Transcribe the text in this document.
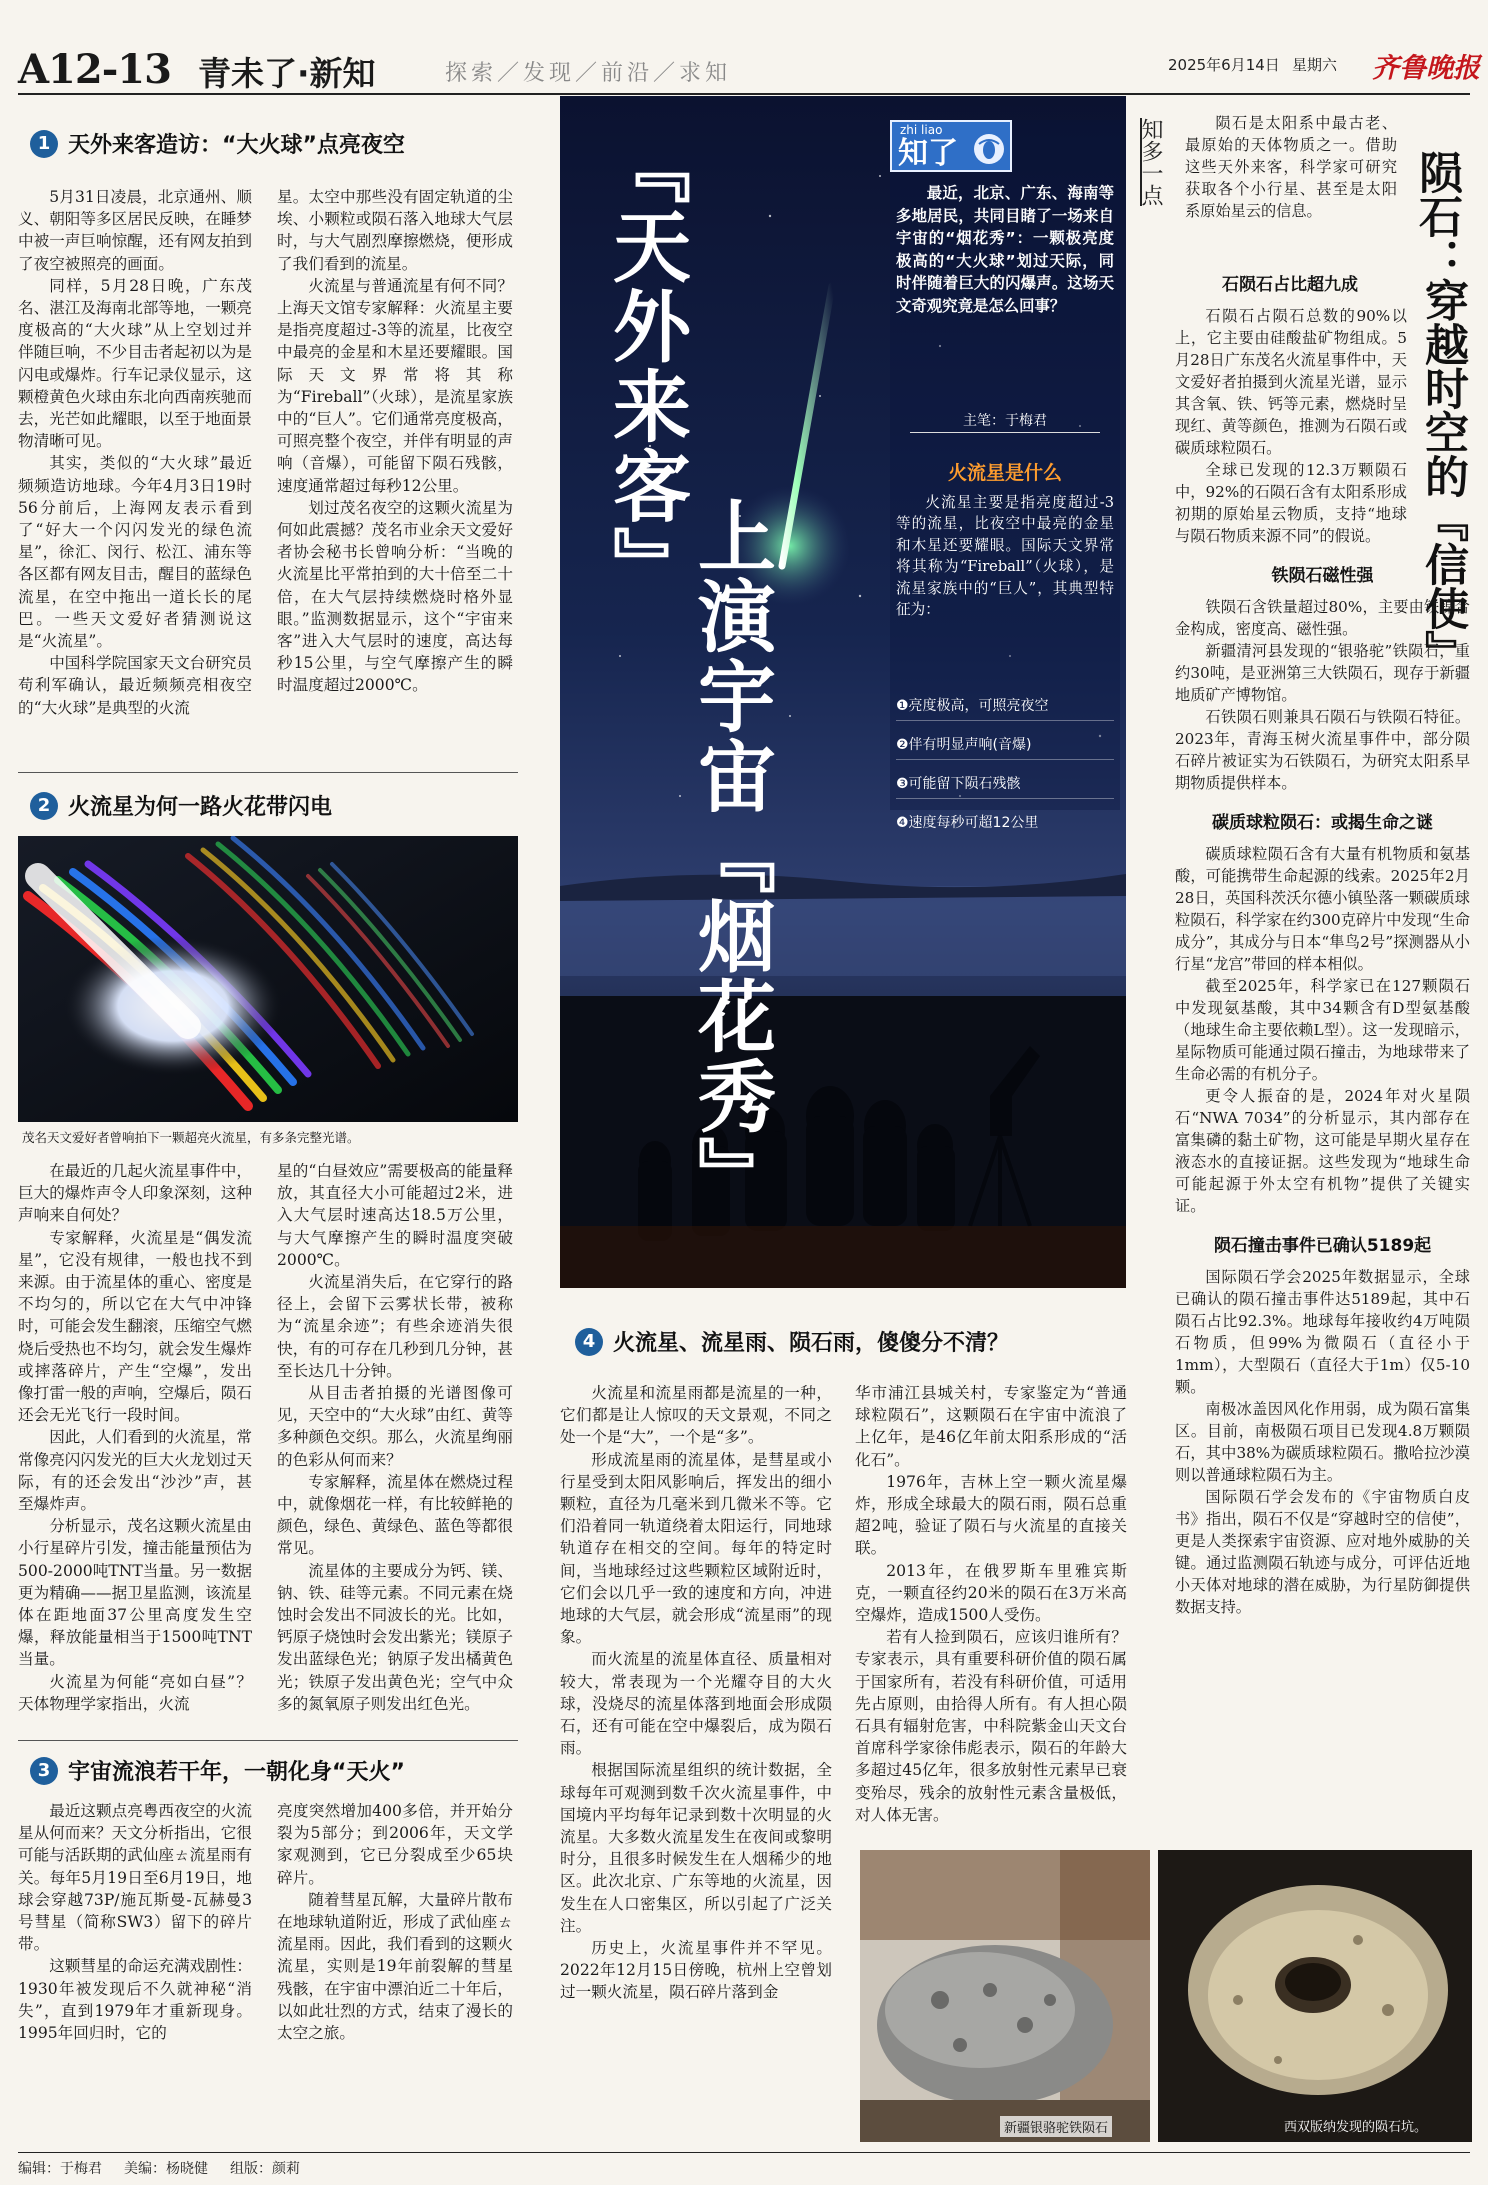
A12-13 青未了·新知	探索／发现／前沿／求知	2025年6月14日 星期六 齐鲁晚报
1 天外来客造访：“大火球”点亮夜空

5月31日凌晨，北京通州、顺义、朝阳等多区居民反映，在睡梦中被一声巨响惊醒，还有网友拍到了夜空被照亮的画面。

同样，5月28日晚，广东茂名、湛江及海南北部等地，一颗亮度极高的“大火球”从上空划过并伴随巨响，不少目击者起初以为是闪电或爆炸。行车记录仪显示，这颗橙黄色火球由东北向西南疾驰而去，光芒如此耀眼，以至于地面景物清晰可见。

其实，类似的“大火球”最近频频造访地球。今年4月3日19时56分前后，上海网友表示看到了“好大一个闪闪发光的绿色流星”，徐汇、闵行、松江、浦东等各区都有网友目击，醒目的蓝绿色流星，在空中拖出一道长长的尾巴。一些天文爱好者猜测说这是“火流星”。

中国科学院国家天文台研究员苟利军确认，最近频频亮相夜空的“大火球”是典型的火流

星。太空中那些没有固定轨道的尘埃、小颗粒或陨石落入地球大气层时，与大气剧烈摩擦燃烧，便形成了我们看到的流星。

火流星与普通流星有何不同？上海天文馆专家解释：火流星主要是指亮度超过-3等的流星，比夜空中最亮的金星和木星还要耀眼。国际天文界常将其称为“Fireball”（火球），是流星家族中的“巨人”。它们通常亮度极高，可照亮整个夜空，并伴有明显的声响（音爆），可能留下陨石残骸，速度通常超过每秒12公里。

划过茂名夜空的这颗火流星为何如此震撼？茂名市业余天文爱好者协会秘书长曾响分析：“当晚的火流星比平常拍到的大十倍至二十倍，在大气层持续燃烧时格外显眼。”监测数据显示，这个“宇宙来客”进入大气层时的速度，高达每秒15公里，与空气摩擦产生的瞬时温度超过2000℃。

2 火流星为何一路火花带闪电
茂名天文爱好者曾响拍下一颗超亮火流星，有多条完整光谱。

在最近的几起火流星事件中，巨大的爆炸声令人印象深刻，这种声响来自何处？

专家解释，火流星是“偶发流星”，它没有规律，一般也找不到来源。由于流星体的重心、密度是不均匀的，所以它在大气中冲锋时，可能会发生翻滚，压缩空气燃烧后受热也不均匀，就会发生爆炸或摔落碎片，产生“空爆”，发出像打雷一般的声响，空爆后，陨石还会无光飞行一段时间。

因此，人们看到的火流星，常常像亮闪闪发光的巨大火龙划过天际，有的还会发出“沙沙”声，甚至爆炸声。

分析显示，茂名这颗火流星由小行星碎片引发，撞击能量预估为500-2000吨TNT当量。另一数据更为精确——据卫星监测，该流星体在距地面37公里高度发生空爆，释放能量相当于1500吨TNT当量。

火流星为何能“亮如白昼”？天体物理学家指出，火流

星的“白昼效应”需要极高的能量释放，其直径大小可能超过2米，进入大气层时速高达18.5万公里，与大气摩擦产生的瞬时温度突破2000℃。

火流星消失后，在它穿行的路径上，会留下云雾状长带，被称为“流星余迹”；有些余迹消失很快，有的可存在几秒到几分钟，甚至长达几十分钟。

从目击者拍摄的光谱图像可见，天空中的“大火球”由红、黄等多种颜色交织。那么，火流星绚丽的色彩从何而来？

专家解释，流星体在燃烧过程中，就像烟花一样，有比较鲜艳的颜色，绿色、黄绿色、蓝色等都很常见。

流星体的主要成分为钙、镁、钠、铁、硅等元素。不同元素在烧蚀时会发出不同波长的光。比如，钙原子烧蚀时会发出紫光；镁原子发出蓝绿色光；钠原子发出橘黄色光；铁原子发出黄色光；空气中众多的氮氧原子则发出红色光。

3 宇宙流浪若干年，一朝化身“天火”

最近这颗点亮粤西夜空的火流星从何而来？天文分析指出，它很可能与活跃期的武仙座ㄊ流星雨有关。每年5月19日至6月19日，地球会穿越73P/施瓦斯曼-瓦赫曼3号彗星（简称SW3）留下的碎片带。

这颗彗星的命运充满戏剧性：1930年被发现后不久就神秘“消失”，直到1979年才重新现身。1995年回归时，它的

亮度突然增加400多倍，并开始分裂为5部分；到2006年，天文学家观测到，它已分裂成至少65块碎片。

随着彗星瓦解，大量碎片散布在地球轨道附近，形成了武仙座ㄊ流星雨。因此，我们看到的这颗火流星，实则是19年前裂解的彗星残骸，在宇宙中漂泊近二十年后，以如此壮烈的方式，结束了漫长的太空之旅。

『天外来客』
上演宇宙『烟花秀』
zhi liao
知了
最近，北京、广东、海南等多地居民，共同目睹了一场来自宇宙的“烟花秀”：一颗极亮度极高的“大火球”划过天际，同时伴随着巨大的闪爆声。这场天文奇观究竟是怎么回事？
主笔：于梅君
火流星是什么
火流星主要是指亮度超过-3等的流星，比夜空中最亮的金星和木星还要耀眼。国际天文界常将其称为“Fireball”（火球），是流星家族中的“巨人”，其典型特征为：
❶亮度极高，可照亮夜空
❷伴有明显声响(音爆)
❸可能留下陨石残骸
❹速度每秒可超12公里
4 火流星、流星雨、陨石雨，傻傻分不清？

火流星和流星雨都是流星的一种，它们都是让人惊叹的天文景观，不同之处一个是“大”，一个是“多”。

形成流星雨的流星体，是彗星或小行星受到太阳风影响后，挥发出的细小颗粒，直径为几毫米到几微米不等。它们沿着同一轨道绕着太阳运行，同地球轨道存在相交的空间。每年的特定时间，当地球经过这些颗粒区域附近时，它们会以几乎一致的速度和方向，冲进地球的大气层，就会形成“流星雨”的现象。

而火流星的流星体直径、质量相对较大，常表现为一个光耀夺目的大火球，没烧尽的流星体落到地面会形成陨石，还有可能在空中爆裂后，成为陨石雨。

根据国际流星组织的统计数据，全球每年可观测到数千次火流星事件，中国境内平均每年记录到数十次明显的火流星。大多数火流星发生在夜间或黎明时分，且很多时候发生在人烟稀少的地区。此次北京、广东等地的火流星，因发生在人口密集区，所以引起了广泛关注。

历史上，火流星事件并不罕见。2022年12月15日傍晚，杭州上空曾划过一颗火流星，陨石碎片落到金

华市浦江县城关村，专家鉴定为“普通球粒陨石”，这颗陨石在宇宙中流浪了上亿年，是46亿年前太阳系形成的“活化石”。

1976年，吉林上空一颗火流星爆炸，形成全球最大的陨石雨，陨石总重超2吨，验证了陨石与火流星的直接关联。

2013年，在俄罗斯车里雅宾斯克，一颗直径约20米的陨石在3万米高空爆炸，造成1500人受伤。

若有人捡到陨石，应该归谁所有？专家表示，具有重要科研价值的陨石属于国家所有，若没有科研价值，可适用先占原则，由拾得人所有。有人担心陨石具有辐射危害，中科院紫金山天文台首席科学家徐伟彪表示，陨石的年龄大多超过45亿年，很多放射性元素早已衰变殆尽，残余的放射性元素含量极低，对人体无害。

知多一点	陨石：
穿越时空的『信使』
陨石是太阳系中最古老、最原始的天体物质之一。借助这些天外来客，科学家可研究获取各个小行星、甚至是太阳系原始星云的信息。
石陨石占比超九成

石陨石占陨石总数的90%以上，它主要由硅酸盐矿物组成。5月28日广东茂名火流星事件中，天文爱好者拍摄到火流星光谱，显示其含氧、铁、钙等元素，燃烧时呈现红、黄等颜色，推测为石陨石或碳质球粒陨石。

全球已发现的12.3万颗陨石中，92%的石陨石含有太阳系形成初期的原始星云物质，支持“地球与陨石物质来源不同”的假说。

铁陨石磁性强

铁陨石含铁量超过80%，主要由铁镍合金构成，密度高、磁性强。

新疆清河县发现的“银骆驼”铁陨石，重约30吨，是亚洲第三大铁陨石，现存于新疆地质矿产博物馆。

石铁陨石则兼具石陨石与铁陨石特征。2023年，青海玉树火流星事件中，部分陨石碎片被证实为石铁陨石，为研究太阳系早期物质提供样本。

碳质球粒陨石：或揭生命之谜

碳质球粒陨石含有大量有机物质和氨基酸，可能携带生命起源的线索。2025年2月28日，英国科茨沃尔德小镇坠落一颗碳质球粒陨石，科学家在约300克碎片中发现“生命成分”，其成分与日本“隼鸟2号”探测器从小行星“龙宫”带回的样本相似。

截至2025年，科学家已在127颗陨石中发现氨基酸，其中34颗含有D型氨基酸（地球生命主要依赖L型）。这一发现暗示，星际物质可能通过陨石撞击，为地球带来了生命必需的有机分子。

更令人振奋的是，2024年对火星陨石“NWA 7034”的分析显示，其内部存在富集磷的黏土矿物，这可能是早期火星存在液态水的直接证据。这些发现为“地球生命可能起源于外太空有机物”提供了关键实证。

陨石撞击事件已确认5189起

国际陨石学会2025年数据显示，全球已确认的陨石撞击事件达5189起，其中石陨石占比92.3%。地球每年接收约4万吨陨石物质，但99%为微陨石（直径小于1mm），大型陨石（直径大于1m）仅5-10颗。

南极冰盖因风化作用弱，成为陨石富集区。目前，南极陨石项目已发现4.8万颗陨石，其中38%为碳质球粒陨石。撒哈拉沙漠则以普通球粒陨石为主。

国际陨石学会发布的《宇宙物质白皮书》指出，陨石不仅是“穿越时空的信使”，更是人类探索宇宙资源、应对地外威胁的关键。通过监测陨石轨迹与成分，可评估近地小天体对地球的潜在威胁，为行星防御提供数据支持。

新疆银骆驼铁陨石	西双版纳发现的陨石坑。
编辑：于梅君 美编：杨晓健 组版：颜莉
